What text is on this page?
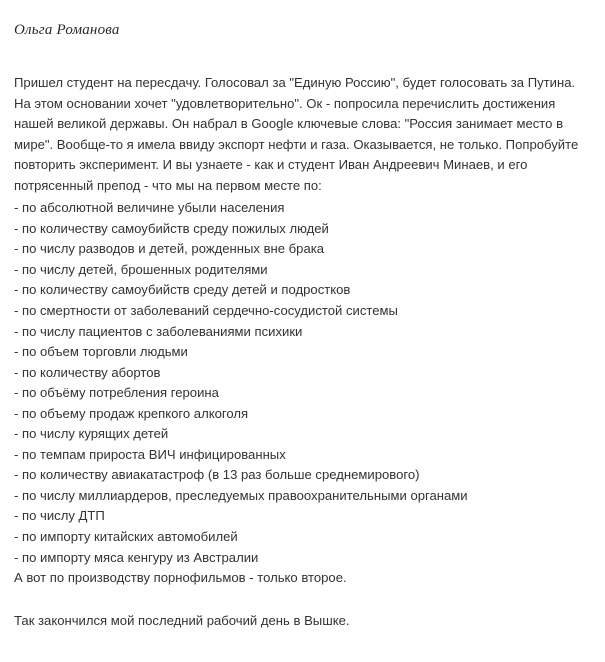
Ольга Романова

Пришел студент на пересдачу. Голосовал за "Единую Россию", будет голосовать за Путина. На этом основании хочет "удовлетворительно". Ок - попросила перечислить достижения нашей великой державы. Он набрал в Google ключевые слова: "Россия занимает место в мире". Вообще-то я имела ввиду экспорт нефти и газа. Оказывается, не только. Попробуйте повторить эксперимент. И вы узнаете - как и студент Иван Андреевич Минаев, и его потрясенный препод - что мы на первом месте по:

- по абсолютной величине убыли населения
- по количеству самоубийств среду пожилых людей
- по числу разводов и детей, рожденных вне брака
- по числу детей, брошенных родителями
- по количеству самоубийств среду детей и подростков
- по смертности от заболеваний сердечно-сосудистой системы
- по числу пациентов с заболеваниями психики
- по объем торговли людьми
- по количеству абортов
- по объёму потребления героина
- по объему продаж крепкого алкоголя
- по числу курящих детей
- по темпам прироста ВИЧ инфицированных
- по количеству авиакатастроф (в 13 раз больше среднемирового)
- по числу миллиардеров, преследуемых правоохранительными органами
- по числу ДТП
- по импорту китайских автомобилей
- по импорту мяса кенгуру из Австралии

А вот по производству порнофильмов - только второе.

Так закончился мой последний рабочий день в Вышке.
